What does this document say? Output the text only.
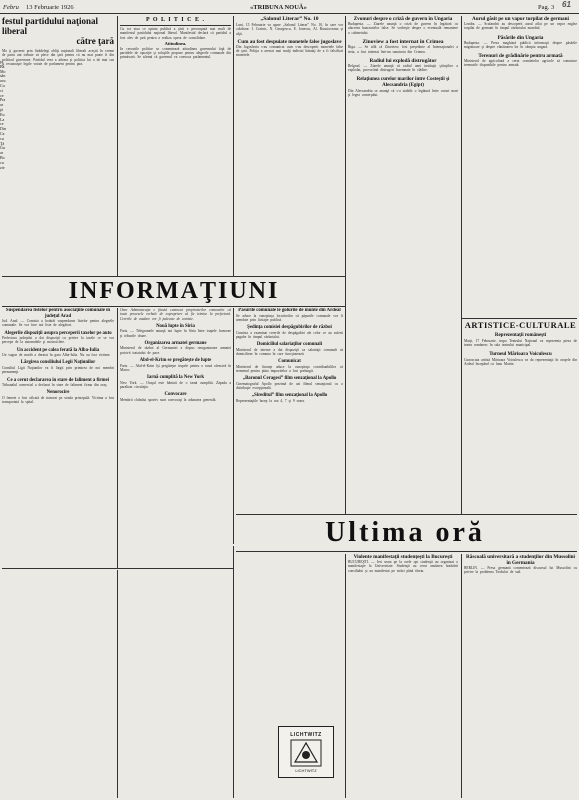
Febru 13 Februarie 1926	«TRIBUNA NOUĂ»	Pag. 3 61
festul partidului naţional liberal
către ţară
Mo ţi guverni prin fărădelegi obliţi naţionali liberali aceştii în vreme de patru ani trebuie să plece din ţară pentru că nu mai poate fi din politicul guvernare. Partidul vrea a afirma şi politica lui a de mai sus şi recunoaşte legile votate de parlament pentru ţara.
P O L I T I C E .
Cu tot ziua ce opinia publică a ţării e preocupată mai mult de manifestul partidului naţional liberal. Manifestul declară că partidul a fost ales de ţară pentru a realiza opera de consolidare.
Atitudinea.
In cercurile politice se comentează atitudinea guvernului faţă de partidele de opoziţie şi soluţiile propuse pentru alegerile comunale din primăvară. Se afirmă că guvernul va convoca parlamentul.
„Salonul Literar” No. 10
Luni, 15 Februarie va apare „Salonul Literar” No. 10, în care vor colabora: I. Crainic, N. Georgescu, E. Ionescu, Al. Busuioceanu şi alţii.
Cum au fost despuiate monetele false jugoslave
Din Jugoslavia s-au comunicat cum s-au descoperit monetele false de ţară. Poliţia a arestat mai mulţi indivizi bănuiţi de a fi falsificat monetele.
Zvonuri despre o criză de guvern în Ungaria
Budapesta. — Ziarele anunţă o criză de guvern în legătură cu afacerea bancnotelor false. Se vorbeşte despre o eventuală remaniere a cabinetului.
Zinoview a fost internat în Crimea
Riga. — Se află că Zinoview, fost preşedinte al Internaţionalei a treia, a fost internat într-un sanatoriu din Crimea.
Radiul lui explodă distrugător
Belgrad. — Ziarele anunţă că radiul unei instituţii ştiinţifice a explodat, provocând distrugeri însemnate în clădire.
Relaţiunea curelor marilor între Costeştii şi Alecsandria (Egipt)
Din Alecsandria se anunţă că s-a stabilit o legătură între coruri mari şi legea comerţului.
Aurul găsit pe un vapor torpilat de germani
Londra. — Scafandrii au descoperit aurul aflat pe un vapor englez torpilat de germani în timpul războiului mondial.
Păsările din Ungaria
Budapesta. — Presa maghiară publică informaţii despre păsările migratoare şi despre vânătoarea lor în câmpia ungară.
Terenuri de grădinărie pentru armată
Ministerul de agricultură a cerut comitetelor agricole să comunice terenurile disponibile pentru armată.
INFORMAŢIUNI
Suspendarea listelor pentru asociaţiile comunale în judeţul Arad
Jud. Arad. — Comisia a hotărât suspendarea listelor pentru alegerile comunale. Se vor face noi liste de alegători.
Alegerile dispoziţii asupra perceperii taxelor pe auto
Prefectura judeţului a dat dispoziţii cu privire la taxele ce se vor percepe de la automobile şi motociclete.
Un accident pe calea ferată la Alba-Iulia
Un vagon de marfă a deraiat în gara Alba-Iulia. Nu au fost victime.
Lărgirea consiliului Legii Naţiunilor
Consiliul Ligii Naţiunilor va fi lărgit prin primirea de noi membri permanenţi.
Ce a cerut declararea în stare de faliment a firmei
Tribunalul comercial a declarat în stare de faliment firma din oraş.
Nenorocire
O femeie a fost călcată de tramvai pe strada principală. Victima a fost transportată la spital.
Onor Administraţia e făcută cunoscut proprietarilor comunelor că toate procesele verbale de expropriere să fie trimise la prefectură. Cererile de anulare vor fi judecate de comisie.
Nouă lupte în Siria
Paris. — Telegramele anunţă noi lupte în Siria între trupele franceze şi triburile druze.
Organizarea armatei germane
Ministerul de război al Germaniei a dispus reorganizarea armatei potrivit tratatului de pace.
Abd-el-Krim se pregăteşte de lupte
Paris. — Abd-el-Krim îşi pregăteşte trupele pentru o nouă ofensivă în Maroc.
Iarnă cumplită la New York
New York. — Oraşul este bântuit de o iarnă cumplită. Zăpada a paralizat circulaţia.
Convocare
Membrii clubului sportiv sunt convocaţi la adunarea generală.
Păsurile comunale le golurile de munte din Ardeal
Se aduce la cunoştinţa locuitorilor că păşunile comunale vor fi arendate prin licitaţie publică.
Şedinţa comisiei despăgubirilor de război
Comisia a examinat cererile de despăgubiri ale celor ce au suferit pagube în timpul războiului.
Domiciliul salariaţilor comunali
Ministerul de interne a dat dispoziţii ca salariaţii comunali să domicilieze în comuna în care funcţionează.
Comunicat
Ministerul de finanţe aduce la cunoştinţa contribuabililor că termenul pentru plata impozitelor a fost prelungit.
„Baronul Ceragesi” film senzaţional la Apollo
Cinematograful Apollo prezintă de azi filmul senzaţional cu o distribuţie excepţională.
„Sireditul” film senzaţional la Apollo
Reprezentaţiile încep la ora 4, 7 şi 9 seara.
ARTISTICE-CULTURALE
Reprezentaţii româneşti
Marţi, 17 Februarie, trupa Teatrului Naţional va reprezenta piesa de teatru românesc în sala teatrului municipal.
Turneul Mărioara Voiculescu
Cunoscuta artistă Mărioara Voiculescu va da reprezentaţii în oraşele din Ardeal începând cu luna Martie.
Ultima oră
Violente manifestaţii studenţeşti la Bucureşti
BUCUREŞTI. — Ieri seara pe la orele opt studenţii au organizat o manifestaţie la Universitate. Studenţii au cerut anularea hotărârii consiliului şi au manifestat pe străzi până târziu.
Răscoală universitară a studenţilor din Mussolini în Germania
BERLIN. — Presa germană comentează discursul lui Mussolini cu privire la problema Tirolului de sud.
LICHTWITZ
LICHTWITZ
ţa
Bă
Mo
sân
acu
Cu
ct
ce
Pra
ar
ţă
Eu
La
ce
Din
Ca
cu
Ţă
Gu
ar
Bo
cu
zie
